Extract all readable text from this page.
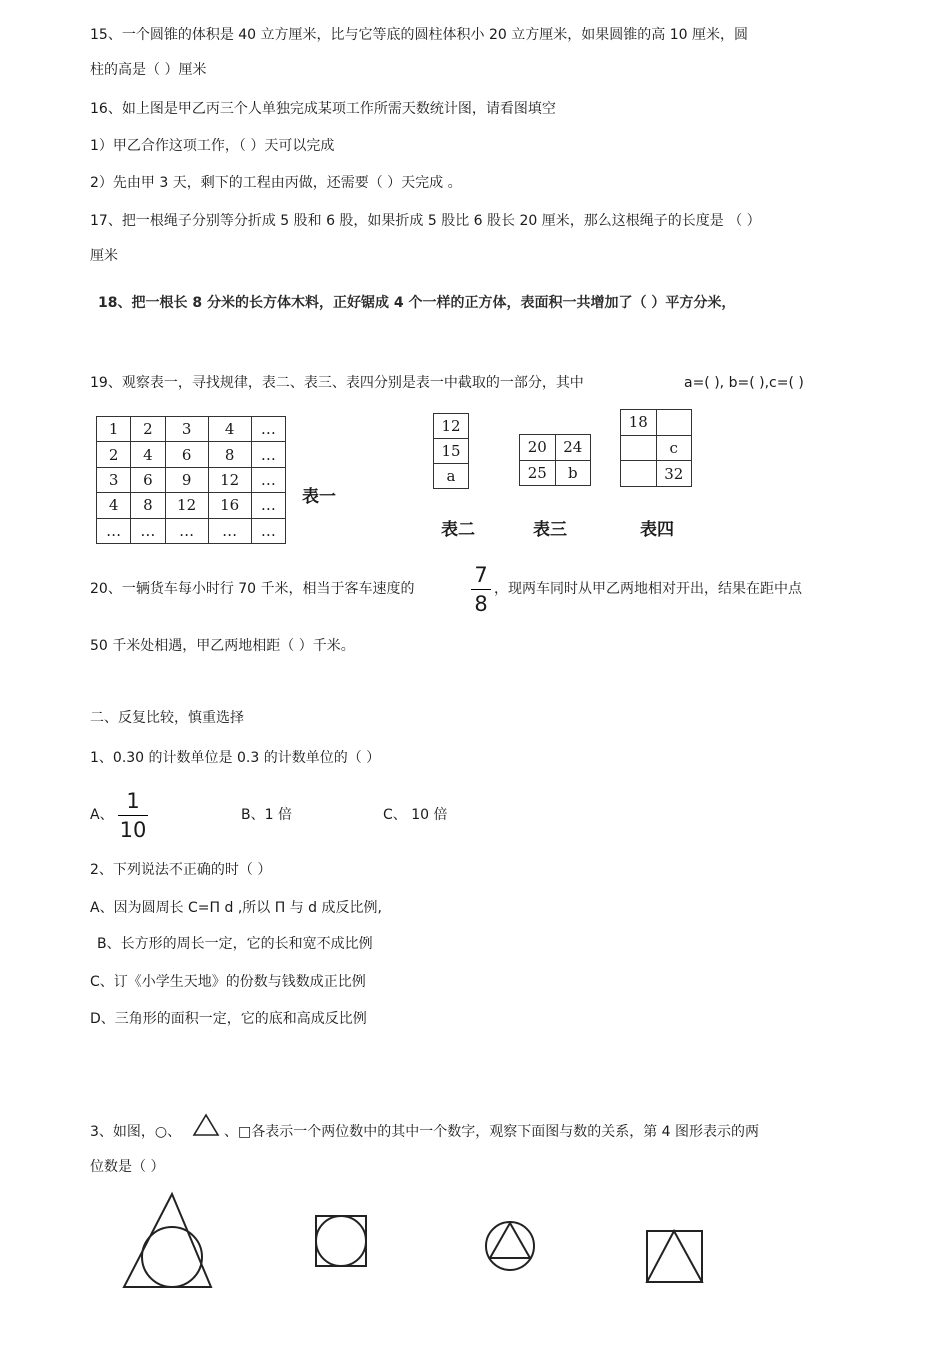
15、一个圆锥的体积是 40 立方厘米，比与它等底的圆柱体积小 20 立方厘米，如果圆锥的高 10 厘米，圆
柱的高是（ ）厘米
16、如上图是甲乙丙三个人单独完成某项工作所需天数统计图，请看图填空
1）甲乙合作这项工作，（ ）天可以完成
2）先由甲 3 天，剩下的工程由丙做，还需要（ ）天完成 。
17、把一根绳子分别等分折成 5 股和 6 股，如果折成 5 股比 6 股长 20 厘米，那么这根绳子的长度是 （ ）
厘米
18、把一根长 8 分米的长方体木料，正好锯成 4 个一样的正方体，表面积一共增加了（ ）平方分米，
19、观察表一，寻找规律，表二、表三、表四分别是表一中截取的一部分，其中	a=( ), b=( ),c=( )
1	2	3	4	…
2	4	6	8	…
3	6	9	12	…
4	8	12	16	…
…	…	…	…	…
表一
12
15
a
表二
20	24
25	b
表三
18	
	c
	32
表四
20、一辆货车每小时行 70 千米，相当于客车速度的
7
8
，现两车同时从甲乙两地相对开出，结果在距中点
50 千米处相遇，甲乙两地相距（ ）千米。
二、反复比较，慎重选择
1、0.30 的计数单位是 0.3 的计数单位的（ ）
A、
1
10
B、1 倍	C、 10 倍
2、下列说法不正确的时（ ）
A、因为圆周长 C=Π d ,所以 Π 与 d 成反比例,
B、长方形的周长一定，它的长和宽不成比例
C、订《小学生天地》的份数与钱数成正比例
D、三角形的面积一定，它的底和高成反比例
3、如图，○、	、□各表示一个两位数中的其中一个数字，观察下面图与数的关系，第 4 图形表示的两
位数是（ ）
